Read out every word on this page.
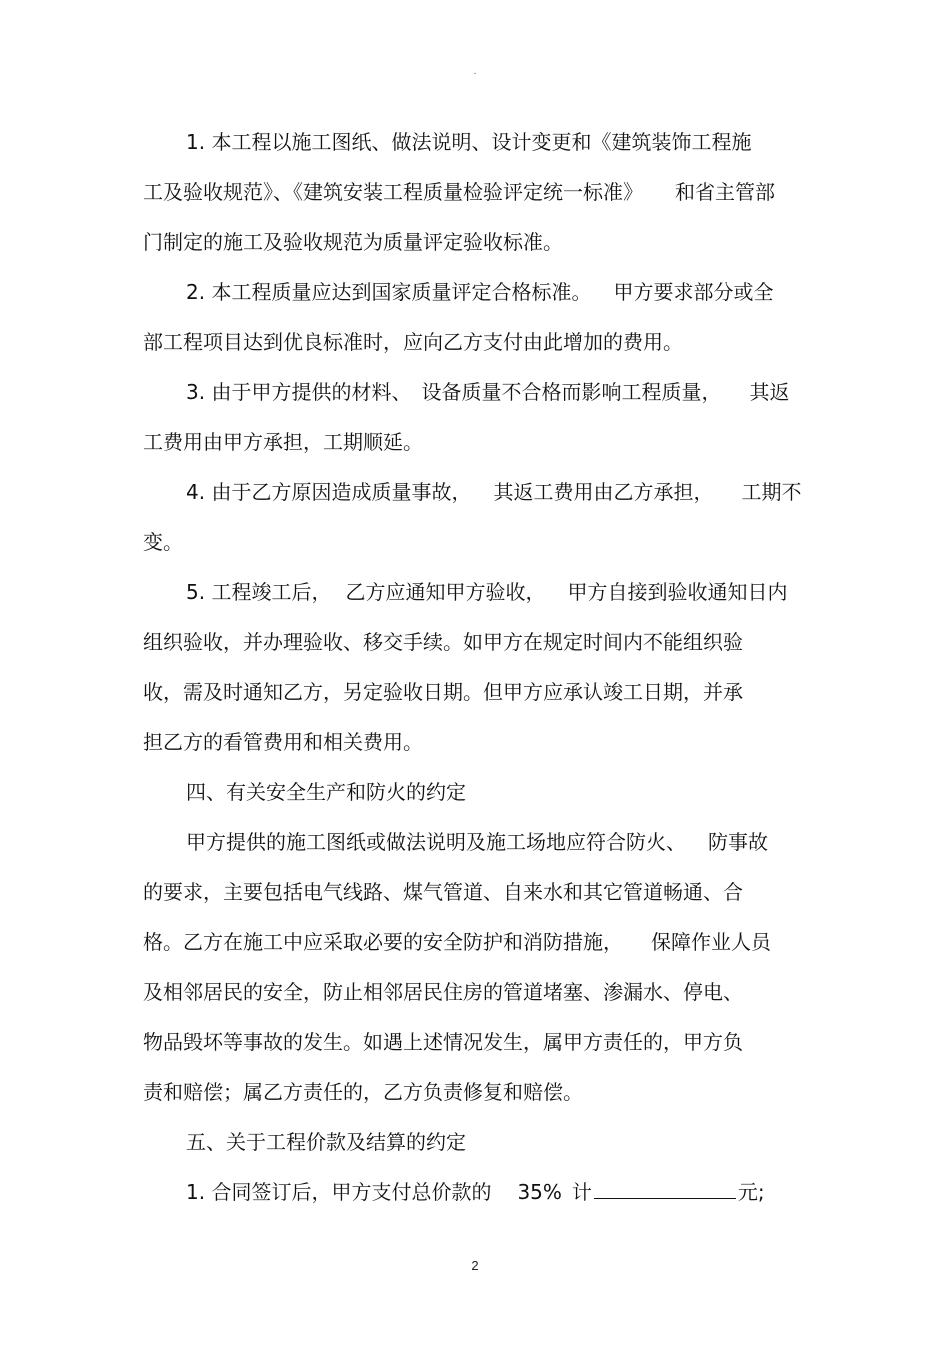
-
1. 本工程以施工图纸、做法说明、设计变更和《建筑装饰工程施
工及验收规范》、《建筑安装工程质量检验评定统一标准》 和省主管部
门制定的施工及验收规范为质量评定验收标准。
2. 本工程质量应达到国家质量评定合格标准。 甲方要求部分或全
部工程项目达到优良标准时，应向乙方支付由此增加的费用。
3. 由于甲方提供的材料、 设备质量不合格而影响工程质量， 其返
工费用由甲方承担，工期顺延。
4. 由于乙方原因造成质量事故， 其返工费用由乙方承担， 工期不
变。
5. 工程竣工后， 乙方应通知甲方验收， 甲方自接到验收通知日内
组织验收，并办理验收、移交手续。如甲方在规定时间内不能组织验
收，需及时通知乙方，另定验收日期。但甲方应承认竣工日期，并承
担乙方的看管费用和相关费用。
四、有关安全生产和防火的约定
甲方提供的施工图纸或做法说明及施工场地应符合防火、 防事故
的要求，主要包括电气线路、煤气管道、自来水和其它管道畅通、合
格。乙方在施工中应采取必要的安全防护和消防措施， 保障作业人员
及相邻居民的安全，防止相邻居民住房的管道堵塞、渗漏水、停电、
物品毁坏等事故的发生。如遇上述情况发生，属甲方责任的，甲方负
责和赔偿；属乙方责任的，乙方负责修复和赔偿。
五、关于工程价款及结算的约定
1. 合同签订后，甲方支付总价款的 35% 计	元;
2
